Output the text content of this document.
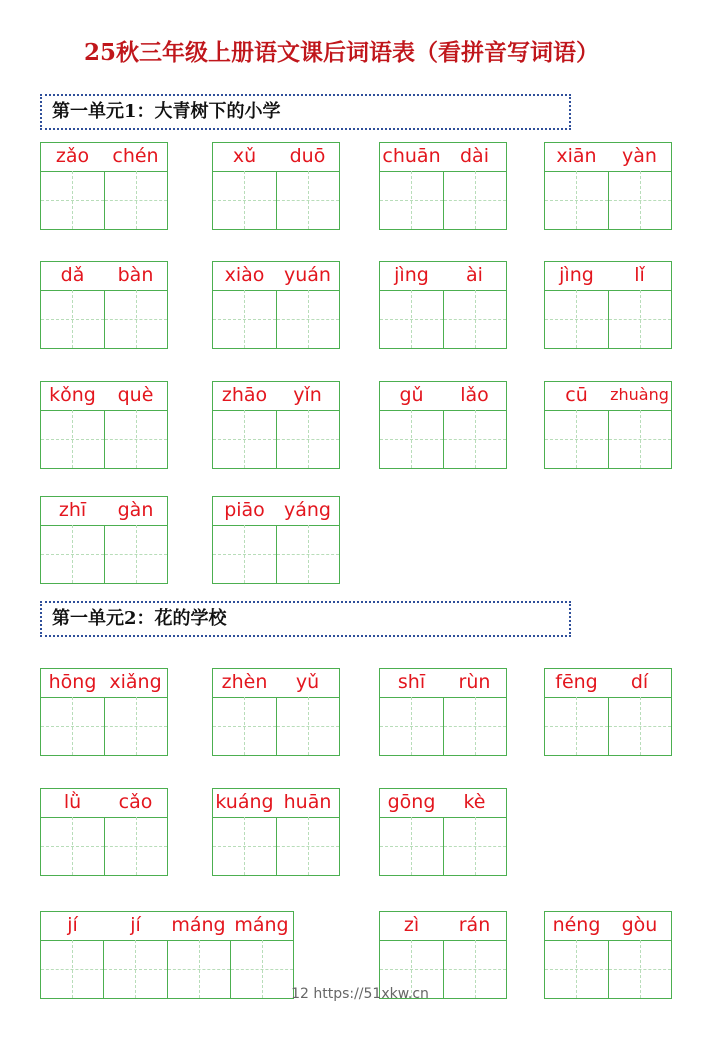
25秋三年级上册语文课后词语表（看拼音写词语）
第一单元1：大青树下的小学
第一单元2：花的学校
zǎo	chén	xǔ	duō	chuān	dài	xiān	yàn
dǎ	bàn	xiào	yuán	jìng	ài	jìng	lǐ
kǒng	què	zhāo	yǐn	gǔ	lǎo	cū	zhuàng
zhī	gàn	piāo	yáng
hōng xiǎng	zhèn	yǔ	shī	rùn	fēng	dí
lǜ	cǎo	kuáng huān	gōng	kè
jí	jí	máng máng	zì	rán	néng	gòu
12 https://51xkw.cn
